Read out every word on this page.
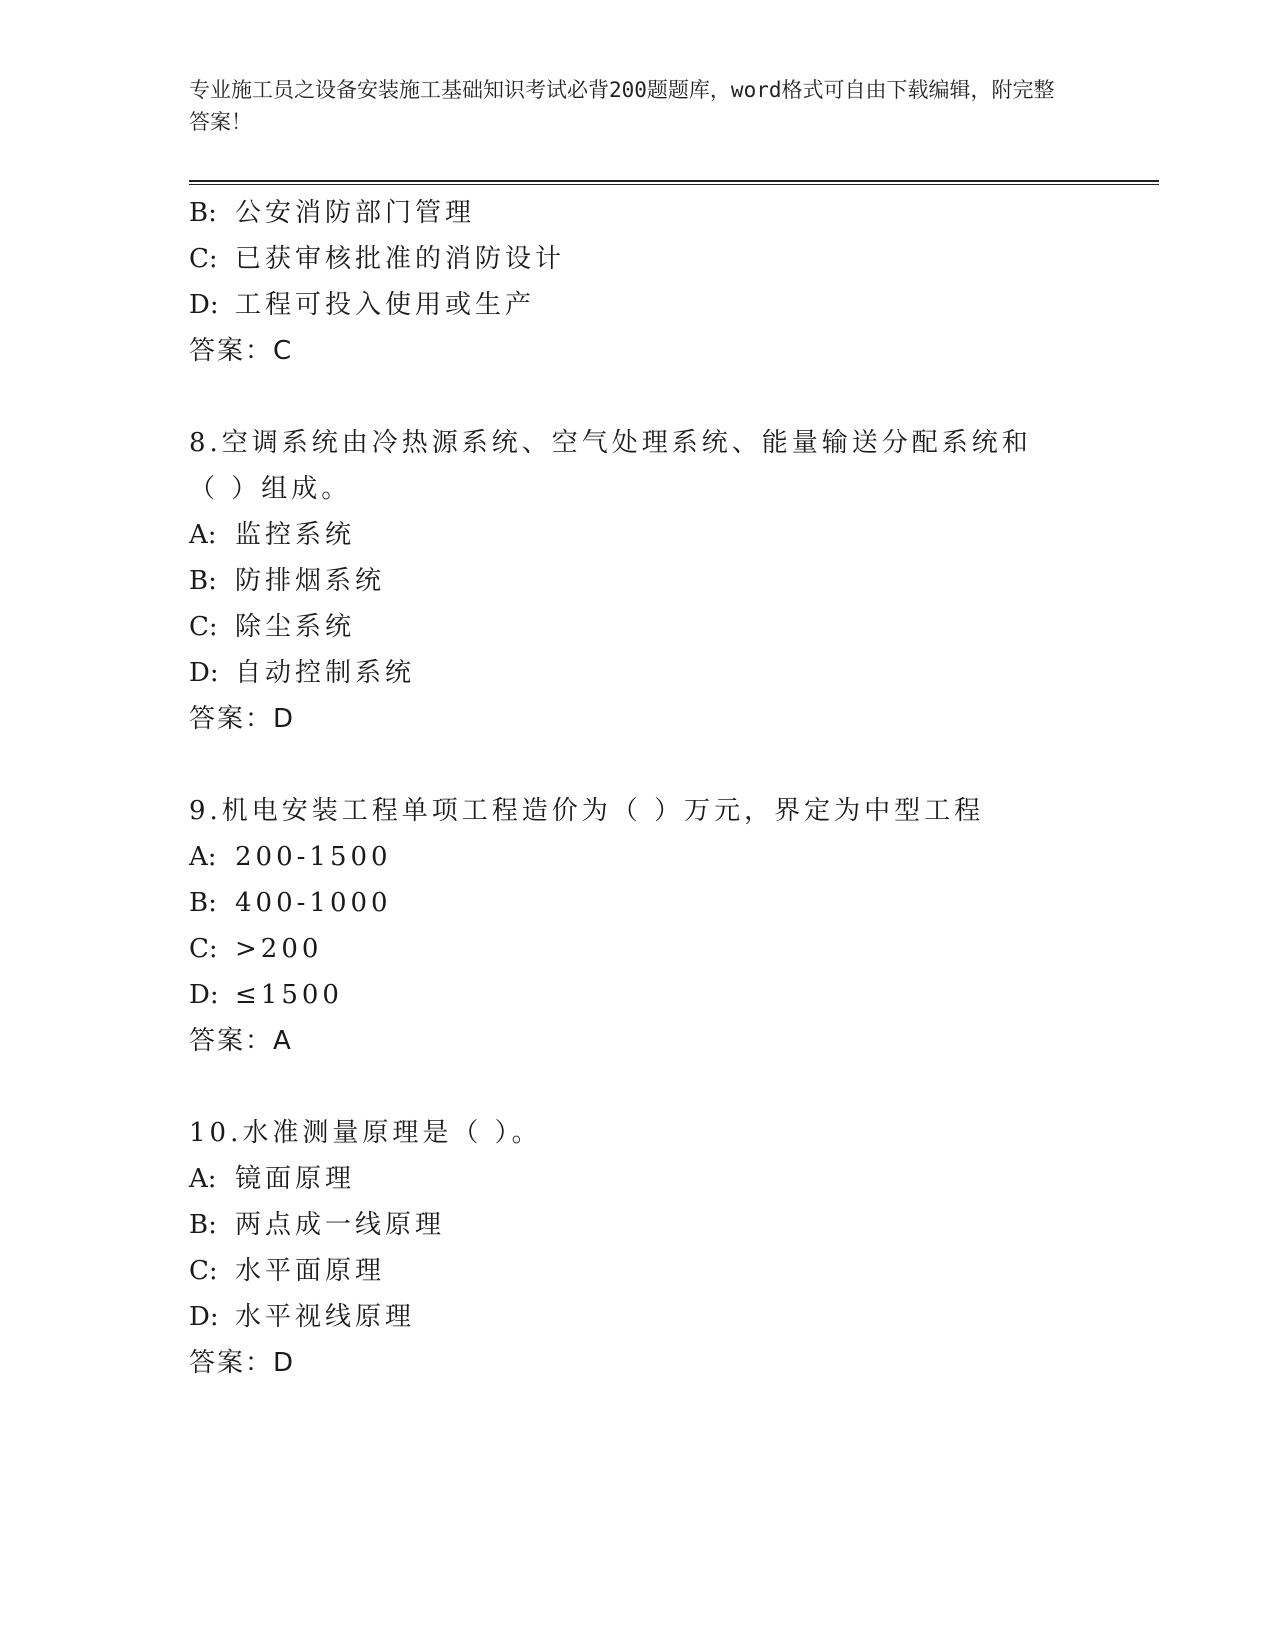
专业施工员之设备安装施工基础知识考试必背200题题库，word格式可自由下载编辑，附完整答案！
B: 公安消防部门管理
C: 已获审核批准的消防设计
D: 工程可投入使用或生产
答案：C
8.空调系统由冷热源系统、空气处理系统、能量输送分配系统和（ ）组成。
A: 监控系统
B: 防排烟系统
C: 除尘系统
D: 自动控制系统
答案：D
9.机电安装工程单项工程造价为（ ）万元，界定为中型工程
A: 200-1500
B: 400-1000
C: >200
D: ≤1500
答案：A
10.水准测量原理是（ ）。
A: 镜面原理
B: 两点成一线原理
C: 水平面原理
D: 水平视线原理
答案：D
